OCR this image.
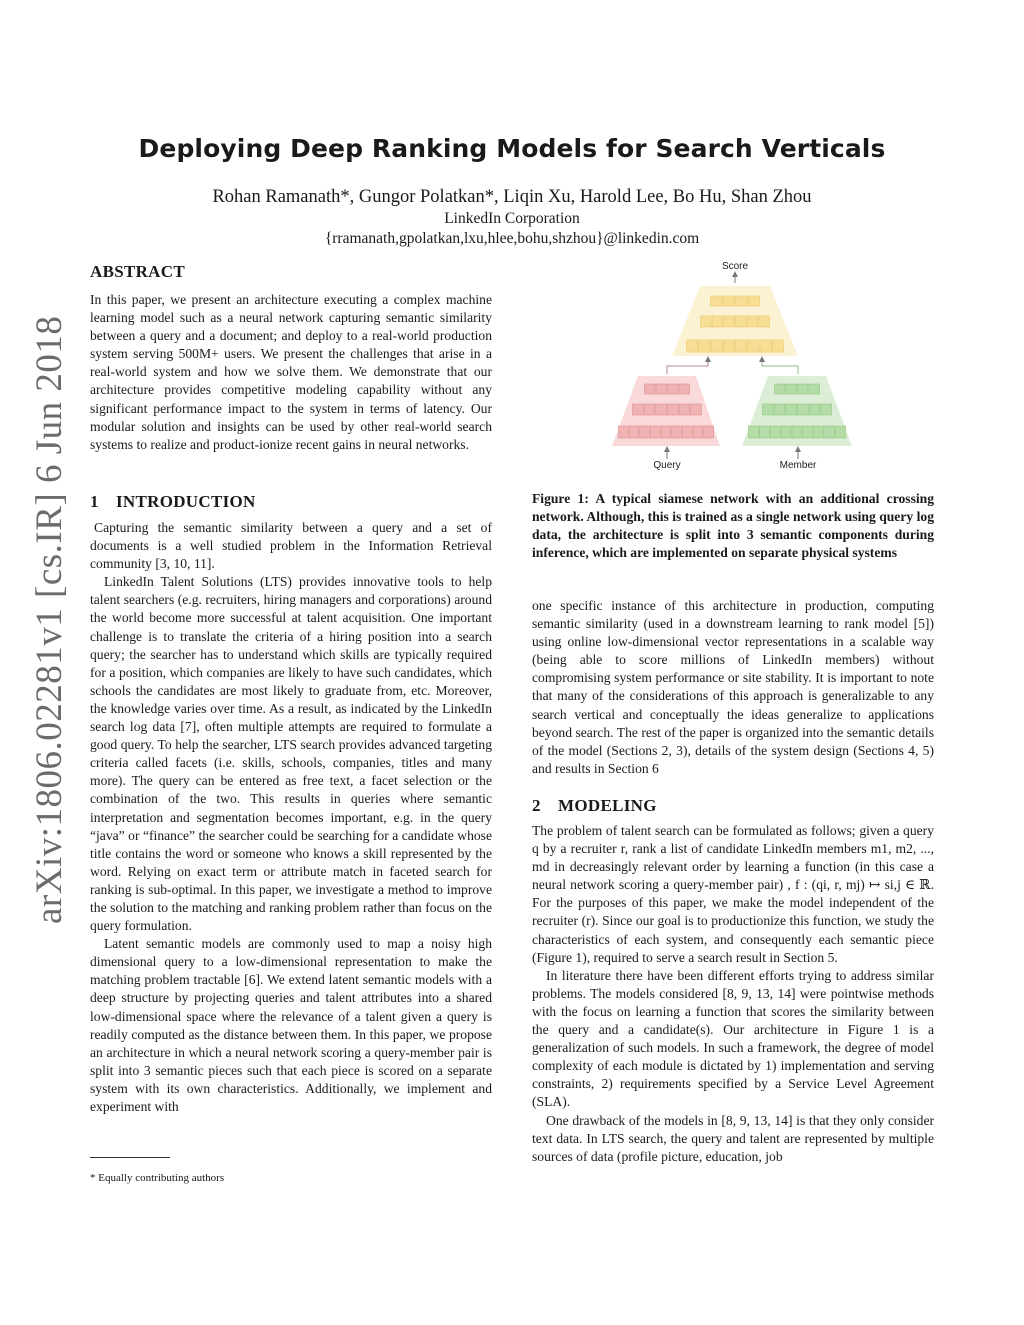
arXiv:1806.02281v1 [cs.IR] 6 Jun 2018
Deploying Deep Ranking Models for Search Verticals
Rohan Ramanath*, Gungor Polatkan*, Liqin Xu, Harold Lee, Bo Hu, Shan Zhou
LinkedIn Corporation
{rramanath,gpolatkan,lxu,hlee,bohu,shzhou}@linkedin.com
ABSTRACT

In this paper, we present an architecture executing a complex machine learning model such as a neural network capturing semantic similarity between a query and a document; and deploy to a real-world production system serving 500M+ users. We present the challenges that arise in a real-world system and how we solve them. We demonstrate that our architecture provides competitive modeling capability without any significant performance impact to the system in terms of latency. Our modular solution and insights can be used by other real-world search systems to realize and product-ionize recent gains in neural networks.

1 INTRODUCTION

Capturing the semantic similarity between a query and a set of documents is a well studied problem in the Information Retrieval community [3, 10, 11].

LinkedIn Talent Solutions (LTS) provides innovative tools to help talent searchers (e.g. recruiters, hiring managers and corporations) around the world become more successful at talent acquisition. One important challenge is to translate the criteria of a hiring position into a search query; the searcher has to understand which skills are typically required for a position, which companies are likely to have such candidates, which schools the candidates are most likely to graduate from, etc. Moreover, the knowledge varies over time. As a result, as indicated by the LinkedIn search log data [7], often multiple attempts are required to formulate a good query. To help the searcher, LTS search provides advanced targeting criteria called facets (i.e. skills, schools, companies, titles and many more). The query can be entered as free text, a facet selection or the combination of the two. This results in queries where semantic interpretation and segmentation becomes important, e.g. in the query “java” or “finance” the searcher could be searching for a candidate whose title contains the word or someone who knows a skill represented by the word. Relying on exact term or attribute match in faceted search for ranking is sub-optimal. In this paper, we investigate a method to improve the solution to the matching and ranking problem rather than focus on the query formulation.

Latent semantic models are commonly used to map a noisy high dimensional query to a low-dimensional representation to make the matching problem tractable [6]. We extend latent semantic models with a deep structure by projecting queries and talent attributes into a shared low-dimensional space where the relevance of a talent given a query is readily computed as the distance between them. In this paper, we propose an architecture in which a neural network scoring a query-member pair is split into 3 semantic pieces such that each piece is scored on a separate system with its own characteristics. Additionally, we implement and experiment with

* Equally contributing authors
Score
Query	Member
Figure 1: A typical siamese network with an additional crossing network. Although, this is trained as a single network using query log data, the architecture is split into 3 semantic components during inference, which are implemented on separate physical systems

one specific instance of this architecture in production, computing semantic similarity (used in a downstream learning to rank model [5]) using online low-dimensional vector representations in a scalable way (being able to score millions of LinkedIn members) without compromising system performance or site stability. It is important to note that many of the considerations of this approach is generalizable to any search vertical and conceptually the ideas generalize to applications beyond search. The rest of the paper is organized into the semantic details of the model (Sections 2, 3), details of the system design (Sections 4, 5) and results in Section 6

2 MODELING

The problem of talent search can be formulated as follows; given a query q by a recruiter r, rank a list of candidate LinkedIn members m1, m2, ..., md in decreasingly relevant order by learning a function (in this case a neural network scoring a query-member pair) , f : (qi, r, mj) ↦ si,j ∈ ℝ. For the purposes of this paper, we make the model independent of the recruiter (r). Since our goal is to productionize this function, we study the characteristics of each system, and consequently each semantic piece (Figure 1), required to serve a search result in Section 5.

In literature there have been different efforts trying to address similar problems. The models considered [8, 9, 13, 14] were pointwise methods with the focus on learning a function that scores the similarity between the query and a candidate(s). Our architecture in Figure 1 is a generalization of such models. In such a framework, the degree of model complexity of each module is dictated by 1) implementation and serving constraints, 2) requirements specified by a Service Level Agreement (SLA).

One drawback of the models in [8, 9, 13, 14] is that they only consider text data. In LTS search, the query and talent are represented by multiple sources of data (profile picture, education, job
